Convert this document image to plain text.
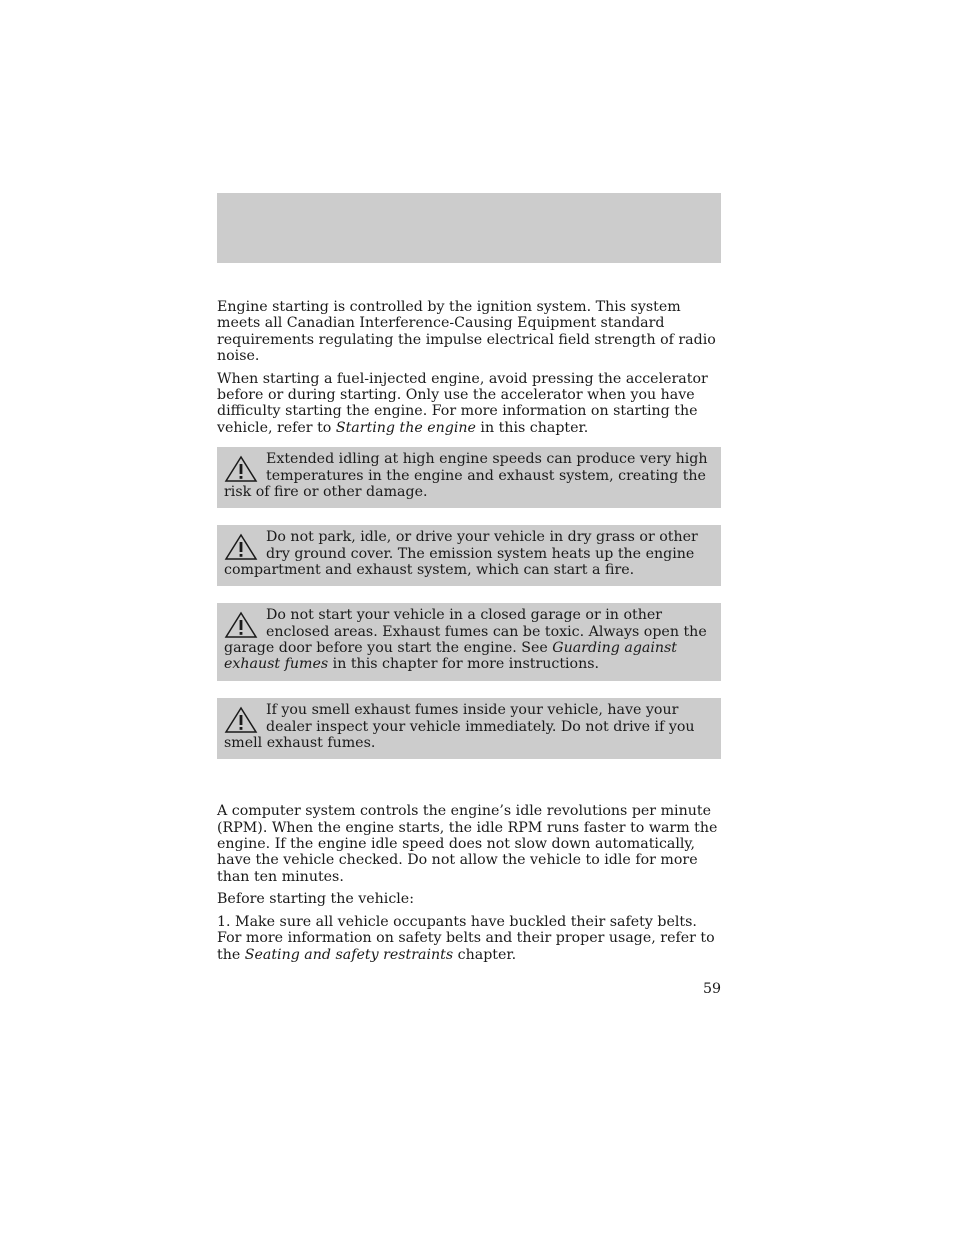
Engine starting is controlled by the ignition system. This system meets all Canadian Interference-Causing Equipment standard requirements regulating the impulse electrical field strength of radio noise.

When starting a fuel-injected engine, avoid pressing the accelerator before or during starting. Only use the accelerator when you have difficulty starting the engine. For more information on starting the vehicle, refer to Starting the engine in this chapter.

Extended idling at high engine speeds can produce very high temperatures in the engine and exhaust system, creating the risk of fire or other damage.
Do not park, idle, or drive your vehicle in dry grass or other dry ground cover. The emission system heats up the engine compartment and exhaust system, which can start a fire.
Do not start your vehicle in a closed garage or in other enclosed areas. Exhaust fumes can be toxic. Always open the garage door before you start the engine. See Guarding against exhaust fumes in this chapter for more instructions.
If you smell exhaust fumes inside your vehicle, have your dealer inspect your vehicle immediately. Do not drive if you smell exhaust fumes.

A computer system controls the engine’s idle revolutions per minute (RPM). When the engine starts, the idle RPM runs faster to warm the engine. If the engine idle speed does not slow down automatically, have the vehicle checked. Do not allow the vehicle to idle for more than ten minutes.

Before starting the vehicle:

1. Make sure all vehicle occupants have buckled their safety belts. For more information on safety belts and their proper usage, refer to the Seating and safety restraints chapter.

59
